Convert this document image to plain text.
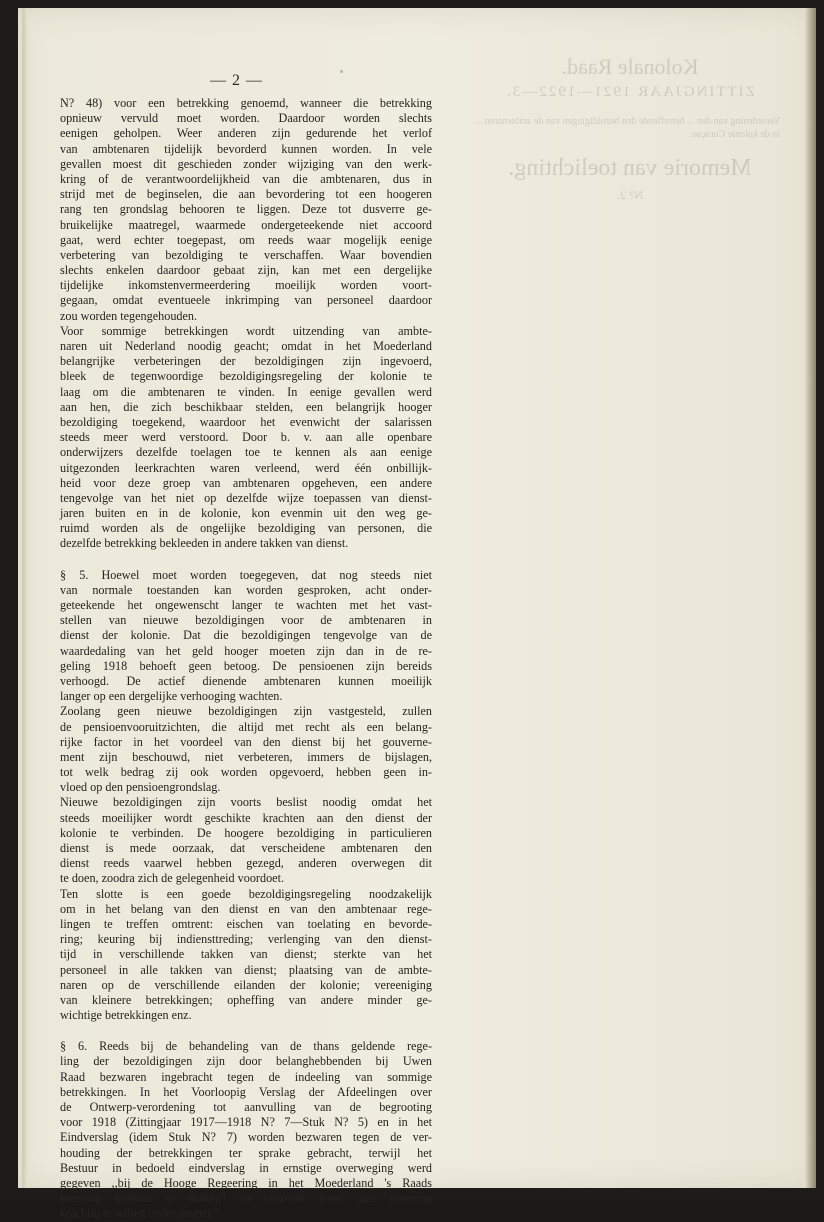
Kolonale Raad.
ZITTINGJAAR 1921—1922—3.
Verordening van den ... betreffende den bezoldigingen van de ambtenaren ... in de kolonie Curaçao.
Memorie van toelichting.
N? 2.
— 2 —
N? 48) voor een betrekking genoemd, wanneer die betrekking
opnieuw vervuld moet worden. Daardoor worden slechts
eenigen geholpen. Weer anderen zijn gedurende het verlof
van ambtenaren tijdelijk bevorderd kunnen worden. In vele
gevallen moest dit geschieden zonder wijziging van den werk-
kring of de verantwoordelijkheid van die ambtenaren, dus in
strijd met de beginselen, die aan bevordering tot een hoogeren
rang ten grondslag behooren te liggen. Deze tot dusverre ge-
bruikelijke maatregel, waarmede ondergeteekende niet accoord
gaat, werd echter toegepast, om reeds waar mogelijk eenige
verbetering van bezoldiging te verschaffen. Waar bovendien
slechts enkelen daardoor gebaat zijn, kan met een dergelijke
tijdelijke inkomstenvermeerdering moeilijk worden voort-
gegaan, omdat eventueele inkrimping van personeel daardoor
zou worden tegengehouden.
Voor sommige betrekkingen wordt uitzending van ambte-
naren uit Nederland noodig geacht; omdat in het Moederland
belangrijke verbeteringen der bezoldigingen zijn ingevoerd,
bleek de tegenwoordige bezoldigingsregeling der kolonie te
laag om die ambtenaren te vinden. In eenige gevallen werd
aan hen, die zich beschikbaar stelden, een belangrijk hooger
bezoldiging toegekend, waardoor het evenwicht der salarissen
steeds meer werd verstoord. Door b. v. aan alle openbare
onderwijzers dezelfde toelagen toe te kennen als aan eenige
uitgezonden leerkrachten waren verleend, werd één onbillijk-
heid voor deze groep van ambtenaren opgeheven, een andere
tengevolge van het niet op dezelfde wijze toepassen van dienst-
jaren buiten en in de kolonie, kon evenmin uit den weg ge-
ruimd worden als de ongelijke bezoldiging van personen, die
dezelfde betrekking bekleeden in andere takken van dienst.
§ 5. Hoewel moet worden toegegeven, dat nog steeds niet
van normale toestanden kan worden gesproken, acht onder-
geteekende het ongewenscht langer te wachten met het vast-
stellen van nieuwe bezoldigingen voor de ambtenaren in
dienst der kolonie. Dat die bezoldigingen tengevolge van de
waardedaling van het geld hooger moeten zijn dan in de re-
geling 1918 behoeft geen betoog. De pensioenen zijn bereids
verhoogd. De actief dienende ambtenaren kunnen moeilijk
langer op een dergelijke verhooging wachten.
Zoolang geen nieuwe bezoldigingen zijn vastgesteld, zullen
de pensioenvooruitzichten, die altijd met recht als een belang-
rijke factor in het voordeel van den dienst bij het gouverne-
ment zijn beschouwd, niet verbeteren, immers de bijslagen,
tot welk bedrag zij ook worden opgevoerd, hebben geen in-
vloed op den pensioengrondslag.
Nieuwe bezoldigingen zijn voorts beslist noodig omdat het
steeds moeilijker wordt geschikte krachten aan den dienst der
kolonie te verbinden. De hoogere bezoldiging in particulieren
dienst is mede oorzaak, dat verscheidene ambtenaren den
dienst reeds vaarwel hebben gezegd, anderen overwegen dit
te doen, zoodra zich de gelegenheid voordoet.
Ten slotte is een goede bezoldigingsregeling noodzakelijk
om in het belang van den dienst en van den ambtenaar rege-
lingen te treffen omtrent: eischen van toelating en bevorde-
ring; keuring bij indiensttreding; verlenging van den dienst-
tijd in verschillende takken van dienst; sterkte van het
personeel in alle takken van dienst; plaatsing van de ambte-
naren op de verschillende eilanden der kolonie; vereeniging
van kleinere betrekkingen; opheffing van andere minder ge-
wichtige betrekkingen enz.
§ 6. Reeds bij de behandeling van de thans geldende rege-
ling der bezoldigingen zijn door belanghebbenden bij Uwen
Raad bezwaren ingebracht tegen de indeeling van sommige
betrekkingen. In het Voorloopig Verslag der Afdeelingen over
de Ontwerp-verordening tot aanvulling van de begrooting
voor 1918 (Zittingjaar 1917—1918 N? 7—Stuk N? 5) en in het
Eindverslag (idem Stuk N? 7) worden bezwaren tegen de ver-
houding der betrekkingen ter sprake gebracht, terwijl het
Bestuur in bedoeld eindverslag in ernstige overweging werd
gegeven ,,bij de Hooge Regeering in het Moederland 's Raads
meening kenbaar te maken" en verzocht werd ,,die meening
krachtig te willen ondersteunen".
